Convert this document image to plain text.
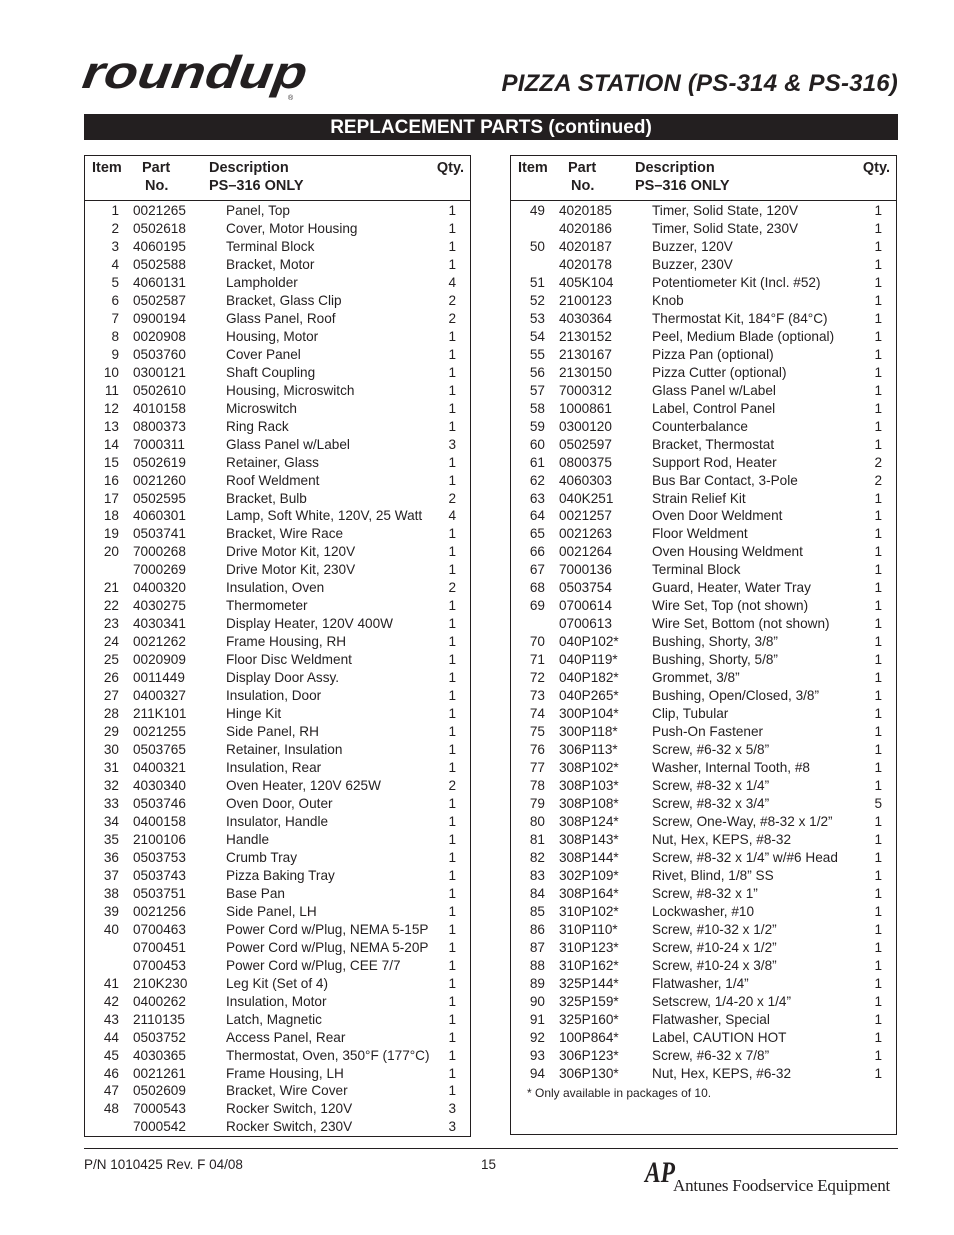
roundup
®
PIZZA STATION (PS-314 & PS-316)
REPLACEMENT PARTS (continued)
Item Part
No.
Description
PS–316 ONLY
Qty.
1 0021265	Panel, Top	1
2 0502618	Cover, Motor Housing	1
3 4060195	Terminal Block	1
4 0502588	Bracket, Motor	1
5 4060131	Lampholder	4
6 0502587	Bracket, Glass Clip	2
7 0900194	Glass Panel, Roof	2
8 0020908	Housing, Motor	1
9 0503760	Cover Panel	1
10 0300121	Shaft Coupling	1
11 0502610	Housing, Microswitch	1
12 4010158	Microswitch	1
13 0800373	Ring Rack	1
14 7000311	Glass Panel w/Label	3
15 0502619	Retainer, Glass	1
16 0021260	Roof Weldment	1
17 0502595	Bracket, Bulb	2
18 4060301	Lamp, Soft White, 120V, 25 Watt 4
19 0503741	Bracket, Wire Race	1
20 7000268	Drive Motor Kit, 120V	1
7000269	Drive Motor Kit, 230V	1
21 0400320	Insulation, Oven	2
22 4030275	Thermometer	1
23 4030341	Display Heater, 120V 400W	1
24 0021262	Frame Housing, RH	1
25 0020909	Floor Disc Weldment	1
26 0011449	Display Door Assy.	1
27 0400327	Insulation, Door	1
28 211K101	Hinge Kit	1
29 0021255	Side Panel, RH	1
30 0503765	Retainer, Insulation	1
31 0400321	Insulation, Rear	1
32 4030340	Oven Heater, 120V 625W	2
33 0503746	Oven Door, Outer	1
34 0400158	Insulator, Handle	1
35 2100106	Handle	1
36 0503753	Crumb Tray	1
37 0503743	Pizza Baking Tray	1
38 0503751	Base Pan	1
39 0021256	Side Panel, LH	1
40 0700463	Power Cord w/Plug, NEMA 5-15P 1
0700451	Power Cord w/Plug, NEMA 5-20P 1
0700453	Power Cord w/Plug, CEE 7/7	1
41 210K230	Leg Kit (Set of 4)	1
42 0400262	Insulation, Motor	1
43 2110135	Latch, Magnetic	1
44 0503752	Access Panel, Rear	1
45 4030365	Thermostat, Oven, 350°F (177°C) 1
46 0021261	Frame Housing, LH	1
47 0502609	Bracket, Wire Cover	1
48 7000543	Rocker Switch, 120V	3
7000542	Rocker Switch, 230V	3
Item Part
No.
Description
PS–316 ONLY
Qty.
49 4020185	Timer, Solid State, 120V	1
4020186	Timer, Solid State, 230V	1
50 4020187	Buzzer, 120V	1
4020178	Buzzer, 230V	1
51 405K104	Potentiometer Kit (Incl. #52)	1
52 2100123	Knob	1
53 4030364	Thermostat Kit, 184°F (84°C)	1
54 2130152	Peel, Medium Blade (optional)	1
55 2130167	Pizza Pan (optional)	1
56 2130150	Pizza Cutter (optional)	1
57 7000312	Glass Panel w/Label	1
58 1000861	Label, Control Panel	1
59 0300120	Counterbalance	1
60 0502597	Bracket, Thermostat	1
61 0800375	Support Rod, Heater	2
62 4060303	Bus Bar Contact, 3-Pole	2
63 040K251	Strain Relief Kit	1
64 0021257	Oven Door Weldment	1
65 0021263	Floor Weldment	1
66 0021264	Oven Housing Weldment	1
67 7000136	Terminal Block	1
68 0503754	Guard, Heater, Water Tray	1
69 0700614	Wire Set, Top (not shown)	1
0700613	Wire Set, Bottom (not shown)	1
70 040P102* Bushing, Shorty, 3/8”	1
71 040P119*	Bushing, Shorty, 5/8”	1
72 040P182* Grommet, 3/8”	1
73 040P265* Bushing, Open/Closed, 3/8”	1
74 300P104* Clip, Tubular	1
75 300P118*	Push-On Fastener	1
76 306P113*	Screw, #6-32 x 5/8”	1
77 308P102* Washer, Internal Tooth, #8	1
78 308P103* Screw, #8-32 x 1/4”	1
79 308P108* Screw, #8-32 x 3/4”	5
80 308P124* Screw, One-Way, #8-32 x 1/2”	1
81 308P143* Nut, Hex, KEPS, #8-32	1
82 308P144* Screw, #8-32 x 1/4” w/#6 Head	1
83 302P109* Rivet, Blind, 1/8” SS	1
84 308P164* Screw, #8-32 x 1”	1
85 310P102* Lockwasher, #10	1
86 310P110*	Screw, #10-32 x 1/2”	1
87 310P123* Screw, #10-24 x 1/2”	1
88 310P162* Screw, #10-24 x 3/8”	1
89 325P144* Flatwasher, 1/4”	1
90 325P159* Setscrew, 1/4-20 x 1/4”	1
91 325P160* Flatwasher, Special	1
92 100P864* Label, CAUTION HOT	1
93 306P123* Screw, #6-32 x 7/8”	1
94 306P130* Nut, Hex, KEPS, #6-32	1
* Only available in packages of 10.
P/N 1010425 Rev. F 04/08	15	AP
Antunes Foodservice Equipment
